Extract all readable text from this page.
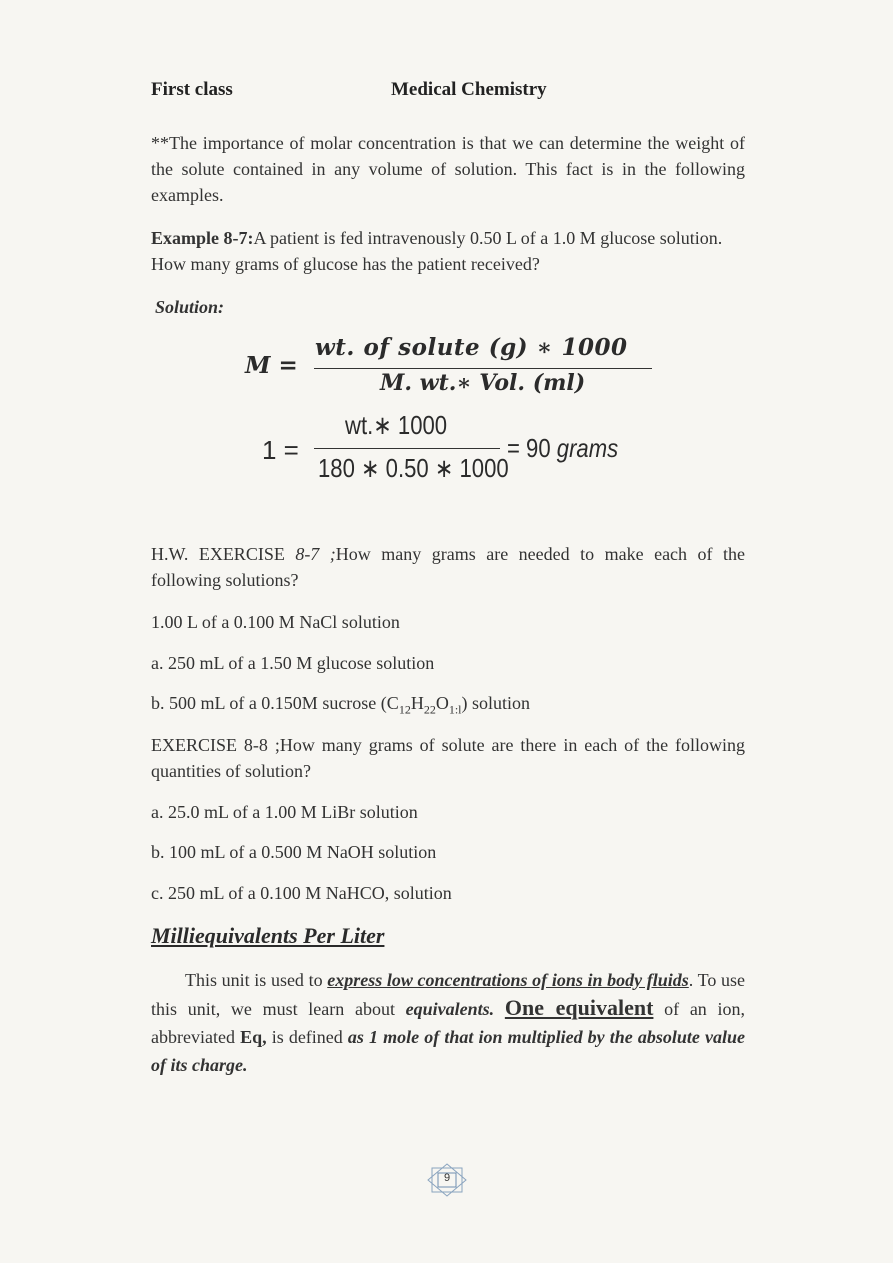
First class	Medical Chemistry
**The importance of molar concentration is that we can determine the weight of the solute contained in any volume of solution. This fact is in the following examples.
Example 8-7:A patient is fed intravenously 0.50 L of a 1.0 M glucose solution. How many grams of glucose has the patient received?
Solution:
M =
wt. of solute (g) ∗ 1000
M. wt.∗ Vol. (ml)
1 =
wt.∗ 1000
180 ∗ 0.50 ∗ 1000
= 90 grams
H.W. EXERCISE 8-7 ;How many grams are needed to make each of the following solutions?
1.00 L of a 0.100 M NaCl solution
a. 250 mL of a 1.50 M glucose solution
b. 500 mL of a 0.150M sucrose $(C_{12}H_{22}O_{1:l})$ solution
EXERCISE 8-8 ;How many grams of solute are there in each of the following quantities of solution?
a. 25.0 mL of a 1.00 M LiBr solution
b. 100 mL of a 0.500 M NaOH solution
c. 250 mL of a 0.100 M NaHCO, solution
Milliequivalents Per Liter
This unit is used to express low concentrations of ions in body fluids. To use this unit, we must learn about equivalents. One equivalent of an ion, abbreviated Eq, is defined as 1 mole of that ion multiplied by the absolute value of its charge.
9
